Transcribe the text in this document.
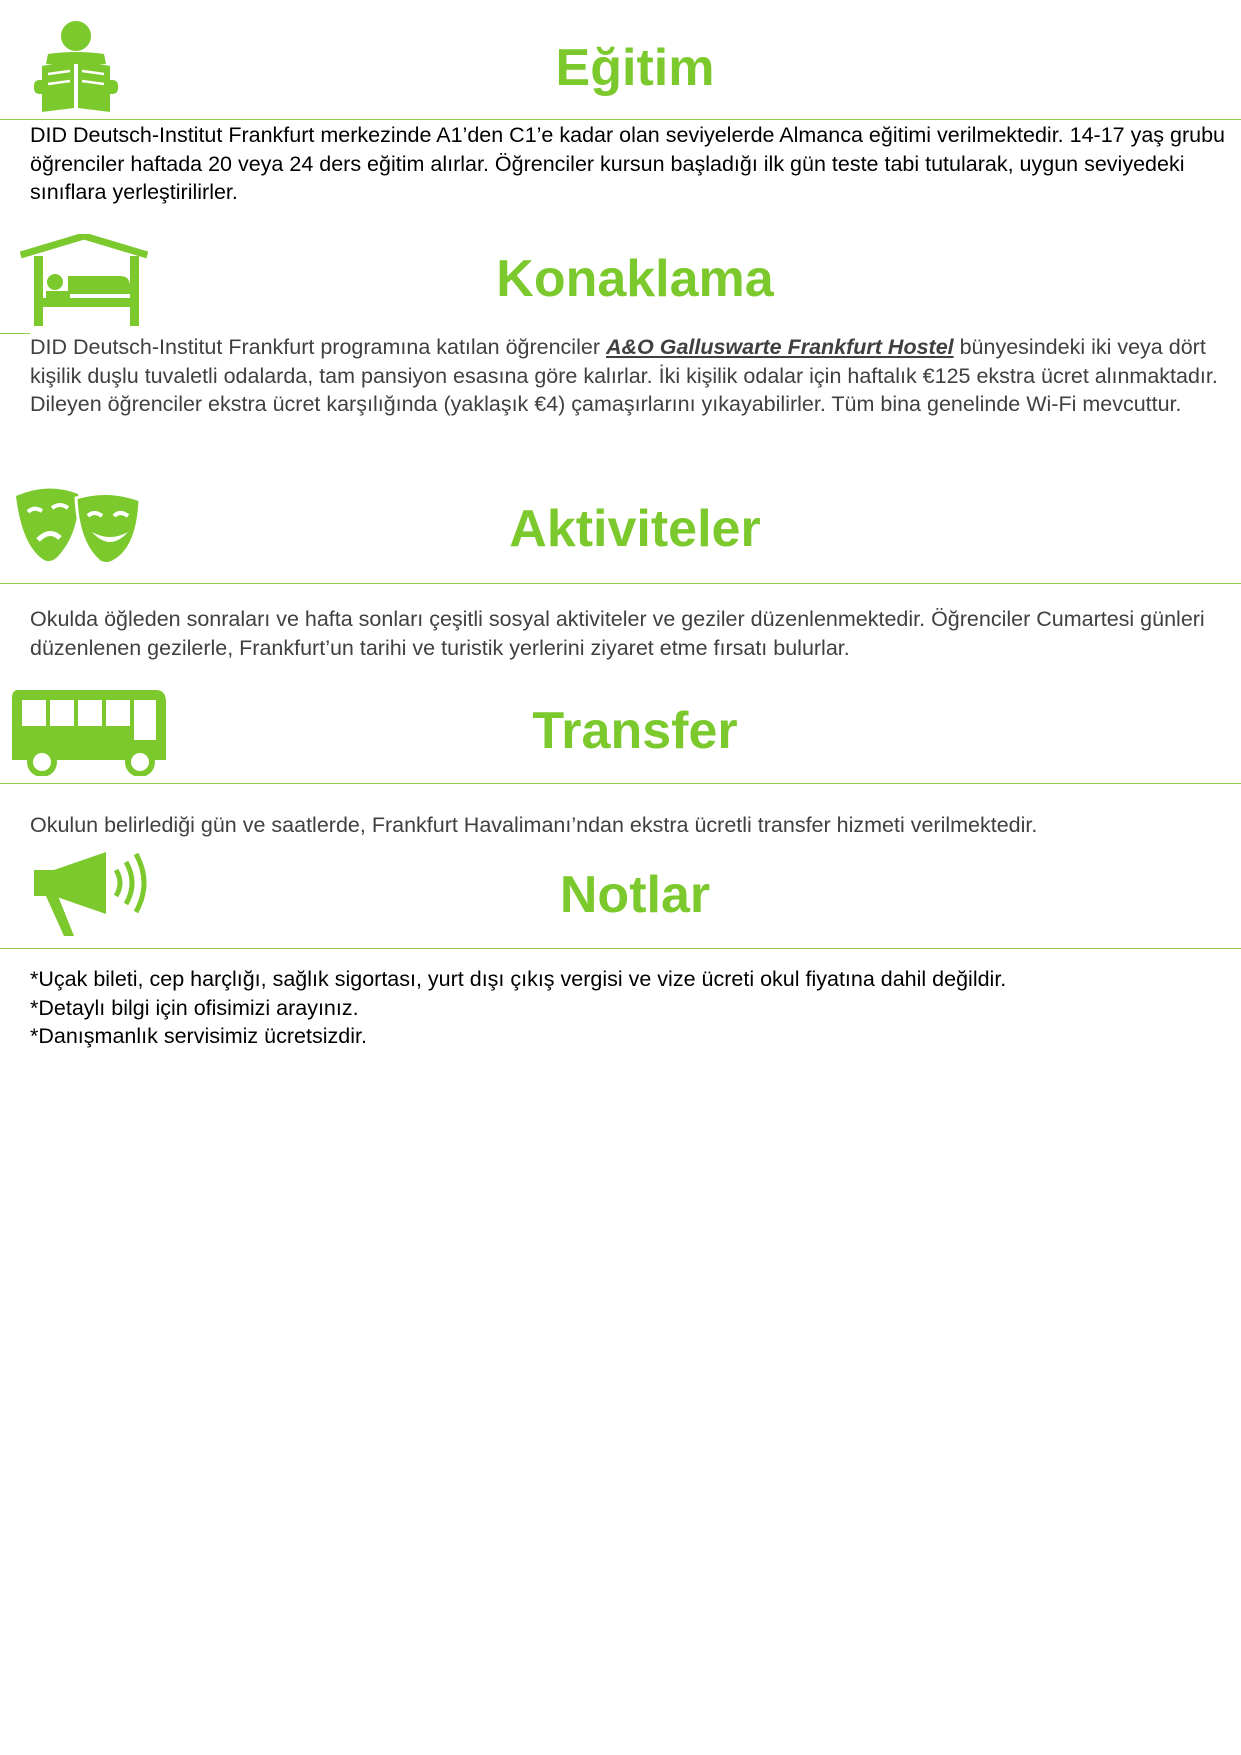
Eğitim

DID Deutsch-Institut Frankfurt merkezinde A1’den C1’e kadar olan seviyelerde Almanca eğitimi verilmektedir. 14-17 yaş grubu öğrenciler haftada 20 veya 24 ders eğitim alırlar. Öğrenciler kursun başladığı ilk gün teste tabi tutularak, uygun seviyedeki sınıflara yerleştirilirler.

Konaklama

DID Deutsch-Institut Frankfurt programına katılan öğrenciler A&O Galluswarte Frankfurt Hostel bünyesindeki iki veya dört kişilik duşlu tuvaletli odalarda, tam pansiyon esasına göre kalırlar. İki kişilik odalar için haftalık €125 ekstra ücret alınmaktadır. Dileyen öğrenciler ekstra ücret karşılığında (yaklaşık €4) çamaşırlarını yıkayabilirler. Tüm bina genelinde Wi-Fi mevcuttur.

Aktiviteler

Okulda öğleden sonraları ve hafta sonları çeşitli sosyal aktiviteler ve geziler düzenlenmektedir. Öğrenciler Cumartesi günleri düzenlenen gezilerle, Frankfurt’un tarihi ve turistik yerlerini ziyaret etme fırsatı bulurlar.

Transfer

Okulun belirlediği gün ve saatlerde, Frankfurt Havalimanı’ndan ekstra ücretli transfer hizmeti verilmektedir.

Notlar
*Uçak bileti, cep harçlığı, sağlık sigortası, yurt dışı çıkış vergisi ve vize ücreti okul fiyatına dahil değildir.
*Detaylı bilgi için ofisimizi arayınız.
*Danışmanlık servisimiz ücretsizdir.
